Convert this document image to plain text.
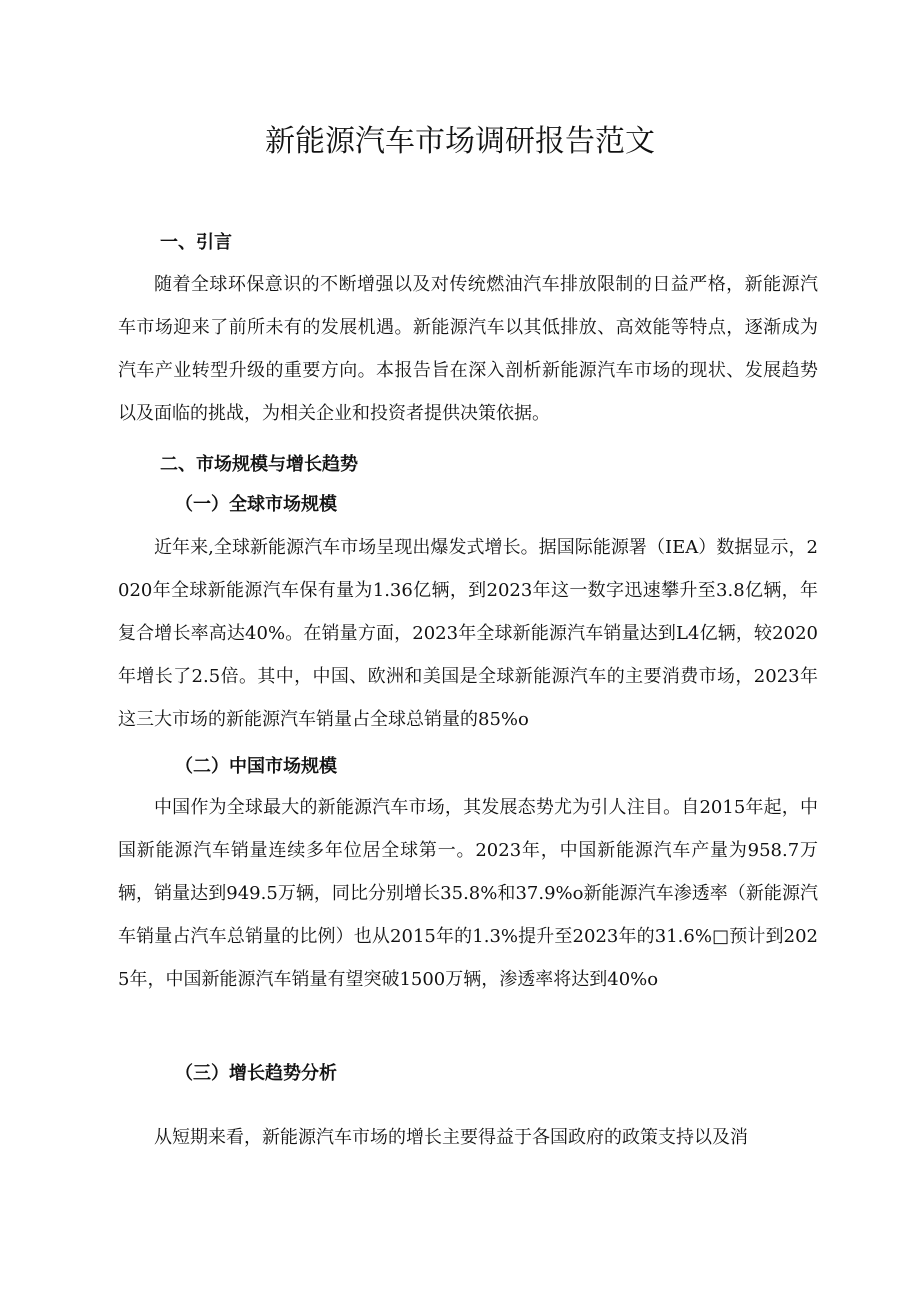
新能源汽车市场调研报告范文
一、引言

随着全球环保意识的不断增强以及对传统燃油汽车排放限制的日益严格，新能源汽车市场迎来了前所未有的发展机遇。新能源汽车以其低排放、高效能等特点，逐渐成为汽车产业转型升级的重要方向。本报告旨在深入剖析新能源汽车市场的现状、发展趋势以及面临的挑战，为相关企业和投资者提供决策依据。

二、市场规模与增长趋势
（一）全球市场规模

近年来,全球新能源汽车市场呈现出爆发式增长。据国际能源署（IEA）数据显示，2020年全球新能源汽车保有量为1.36亿辆，到2023年这一数字迅速攀升至3.8亿辆，年复合增长率高达40%。在销量方面，2023年全球新能源汽车销量达到L4亿辆，较2020年增长了2.5倍。其中，中国、欧洲和美国是全球新能源汽车的主要消费市场，2023年这三大市场的新能源汽车销量占全球总销量的85%o

（二）中国市场规模

中国作为全球最大的新能源汽车市场，其发展态势尤为引人注目。自2015年起，中国新能源汽车销量连续多年位居全球第一。2023年，中国新能源汽车产量为958.7万辆，销量达到949.5万辆，同比分别增长35.8%和37.9%o新能源汽车渗透率（新能源汽车销量占汽车总销量的比例）也从2015年的1.3%提升至2023年的31.6%□预计到2025年，中国新能源汽车销量有望突破1500万辆，渗透率将达到40%o

（三）增长趋势分析

从短期来看，新能源汽车市场的增长主要得益于各国政府的政策支持以及消
